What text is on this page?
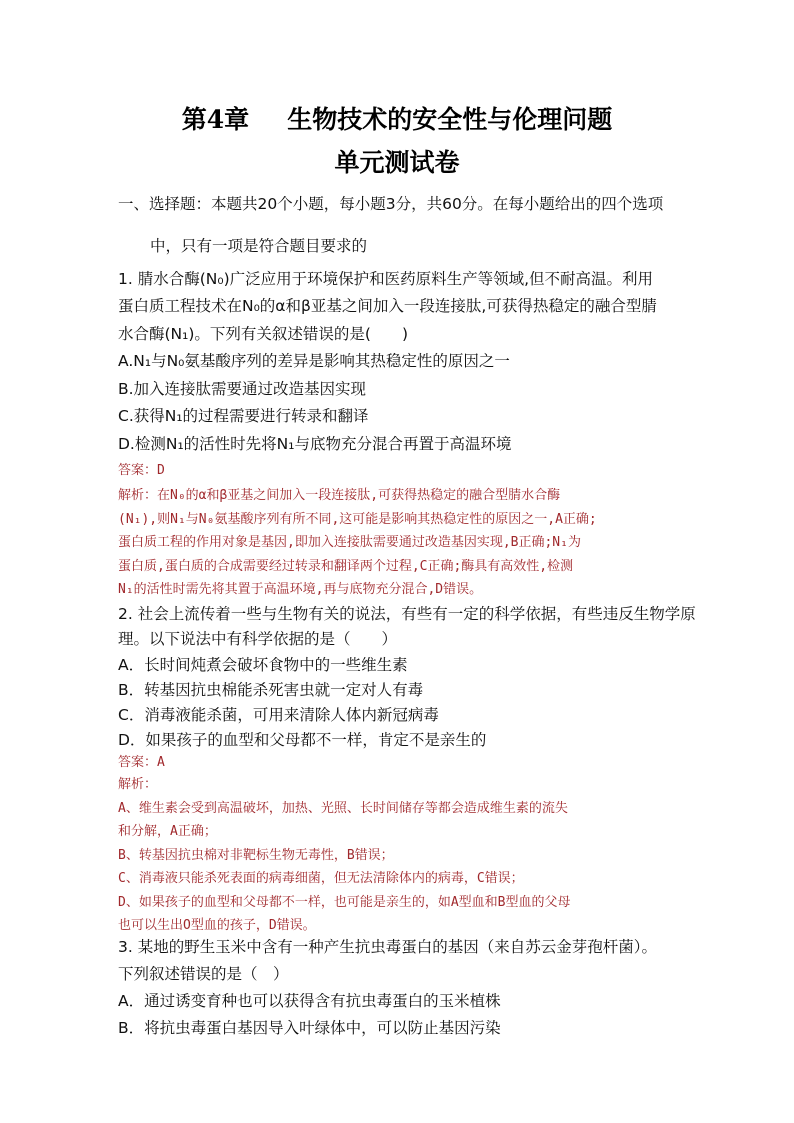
第4章 生物技术的安全性与伦理问题
单元测试卷
一、选择题：本题共20个小题，每小题3分，共60分。在每小题给出的四个选项
中，只有一项是符合题目要求的
1. 腈水合酶(N₀)广泛应用于环境保护和医药原料生产等领域,但不耐高温。利用
蛋白质工程技术在N₀的α和β亚基之间加入一段连接肽,可获得热稳定的融合型腈
水合酶(N₁)。下列有关叙述错误的是(　　)
A.N₁与N₀氨基酸序列的差异是影响其热稳定性的原因之一
B.加入连接肽需要通过改造基因实现
C.获得N₁的过程需要进行转录和翻译
D.检测N₁的活性时先将N₁与底物充分混合再置于高温环境
答案：D
解析：在N₀的α和β亚基之间加入一段连接肽,可获得热稳定的融合型腈水合酶
(N₁),则N₁与N₀氨基酸序列有所不同,这可能是影响其热稳定性的原因之一,A正确;
蛋白质工程的作用对象是基因,即加入连接肽需要通过改造基因实现,B正确;N₁为
蛋白质,蛋白质的合成需要经过转录和翻译两个过程,C正确;酶具有高效性,检测
N₁的活性时需先将其置于高温环境,再与底物充分混合,D错误。
2. 社会上流传着一些与生物有关的说法，有些有一定的科学依据，有些违反生物学原
理。以下说法中有科学依据的是（　　）
A．长时间炖煮会破坏食物中的一些维生素
B．转基因抗虫棉能杀死害虫就一定对人有毒
C．消毒液能杀菌，可用来清除人体内新冠病毒
D．如果孩子的血型和父母都不一样，肯定不是亲生的
答案：A
解析：
A、维生素会受到高温破坏，加热、光照、长时间储存等都会造成维生素的流失
和分解，A正确；
B、转基因抗虫棉对非靶标生物无毒性，B错误；
C、消毒液只能杀死表面的病毒细菌，但无法清除体内的病毒，C错误；
D、如果孩子的血型和父母都不一样，也可能是亲生的，如A型血和B型血的父母
也可以生出O型血的孩子，D错误。
3. 某地的野生玉米中含有一种产生抗虫毒蛋白的基因（来自苏云金芽孢杆菌）。
下列叙述错误的是（　）
A．通过诱变育种也可以获得含有抗虫毒蛋白的玉米植株
B．将抗虫毒蛋白基因导入叶绿体中，可以防止基因污染
